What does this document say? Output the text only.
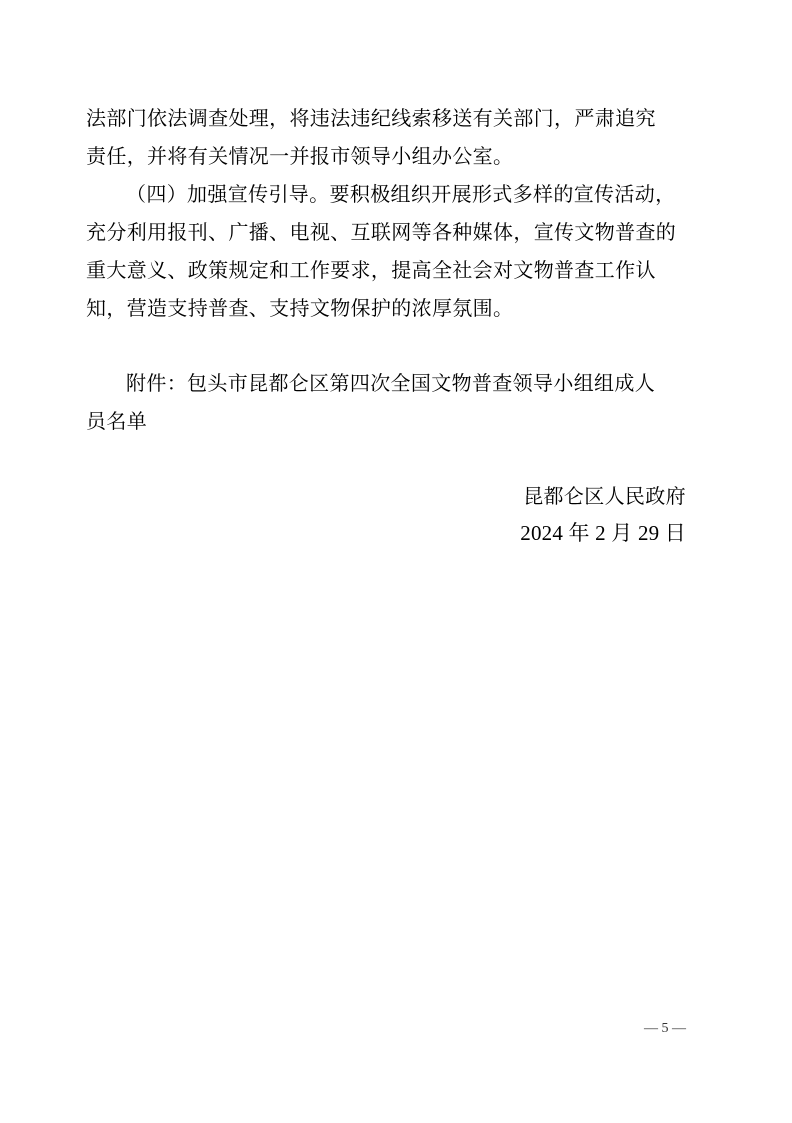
法部门依法调查处理，将违法违纪线索移送有关部门，严肃追究
责任，并将有关情况一并报市领导小组办公室。
（四）加强宣传引导。要积极组织开展形式多样的宣传活动，
充分利用报刊、广播、电视、互联网等各种媒体，宣传文物普查的
重大意义、政策规定和工作要求，提高全社会对文物普查工作认
知，营造支持普查、支持文物保护的浓厚氛围。
附件：包头市昆都仑区第四次全国文物普查领导小组组成人
员名单
昆都仑区人民政府
2024 年 2 月 29 日
— 5 —
